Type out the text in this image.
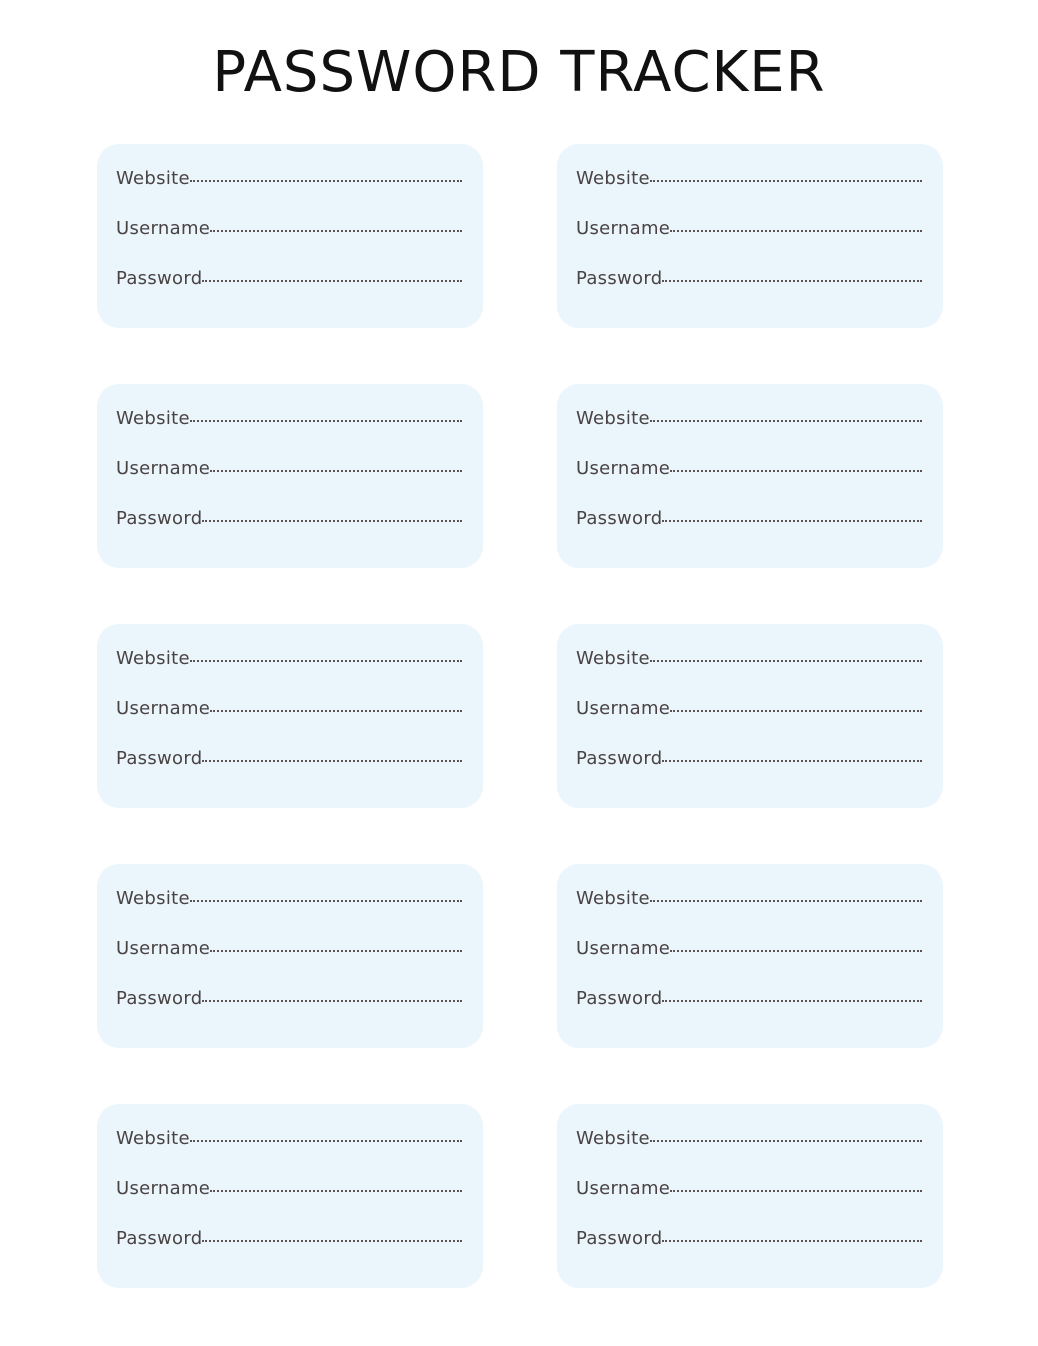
PASSWORD TRACKER
Website
Username
Password
Website
Username
Password
Website
Username
Password
Website
Username
Password
Website
Username
Password
Website
Username
Password
Website
Username
Password
Website
Username
Password
Website
Username
Password
Website
Username
Password
